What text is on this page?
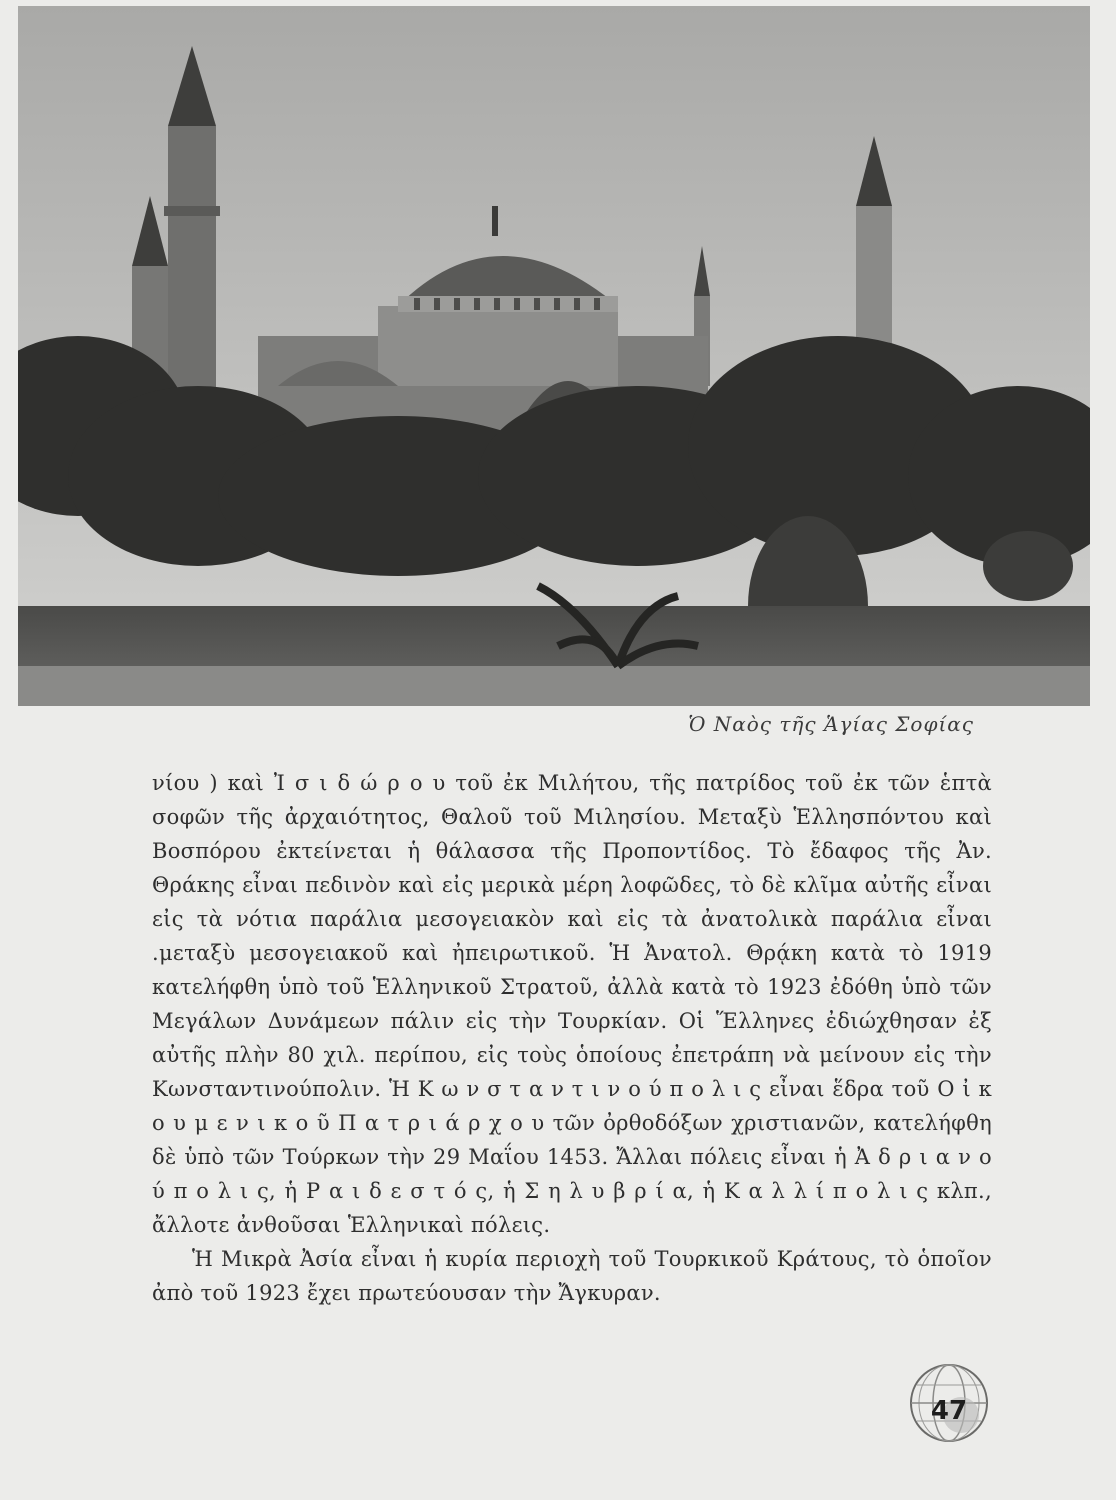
Ὁ Ναὸς τῆς Ἁγίας Σοφίας

νίου ) καὶ Ἰ σ ι δ ώ ρ ο υ τοῦ ἐκ Μιλήτου, τῆς πατρίδος τοῦ ἐκ τῶν ἑπτὰ σοφῶν τῆς ἀρχαιότητος, Θαλοῦ τοῦ Μιλησίου. Μεταξὺ Ἑλλησπόντου καὶ Βοσπόρου ἐκτείνεται ἡ θάλασσα τῆς Προποντίδος. Τὸ ἔδαφος τῆς Ἀν. Θράκης εἶναι πεδινὸν καὶ εἰς μερικὰ μέρη λοφῶδες, τὸ δὲ κλῖμα αὐτῆς εἶναι εἰς τὰ νότια παράλια μεσογειακὸν καὶ εἰς τὰ ἀνατολικὰ παράλια εἶναι .μεταξὺ μεσογειακοῦ καὶ ἠπειρωτικοῦ. Ἡ Ἀνατολ. Θρᾴκη κατὰ τὸ 1919 κατελήφθη ὑπὸ τοῦ Ἑλληνικοῦ Στρατοῦ, ἀλλὰ κατὰ τὸ 1923 ἐδόθη ὑπὸ τῶν Μεγάλων Δυνάμεων πάλιν εἰς τὴν Τουρκίαν. Οἱ Ἕλληνες ἐδιώχθησαν ἐξ αὐτῆς πλὴν 80 χιλ. περίπου, εἰς τοὺς ὁποίους ἐπετράπη νὰ μείνουν εἰς τὴν Κωνσταντινούπολιν. Ἡ Κ ω ν σ τ α ν τ ι ν ο ύ π ο λ ι ς εἶναι ἕδρα τοῦ Ο ἰ κ ο υ μ ε ν ι κ ο ῦ Π α τ ρ ι ά ρ χ ο υ τῶν ὀρθοδόξων χριστιανῶν, κατελήφθη δὲ ὑπὸ τῶν Τούρκων τὴν 29 Μαΐου 1453. Ἄλλαι πόλεις εἶναι ἡ Ἀ δ ρ ι α ν ο ύ π ο λ ι ς, ἡ Ρ α ι δ ε σ τ ό ς, ἡ Σ η λ υ β ρ ί α, ἡ Κ α λ λ ί π ο λ ι ς κλπ., ἄλλοτε ἀνθοῦσαι Ἑλληνικαὶ πόλεις.

Ἡ Μικρὰ Ἀσία εἶναι ἡ κυρία περιοχὴ τοῦ Τουρκικοῦ Κράτους, τὸ ὁποῖον ἀπὸ τοῦ 1923 ἔχει πρωτεύουσαν τὴν Ἄγκυραν.

47
